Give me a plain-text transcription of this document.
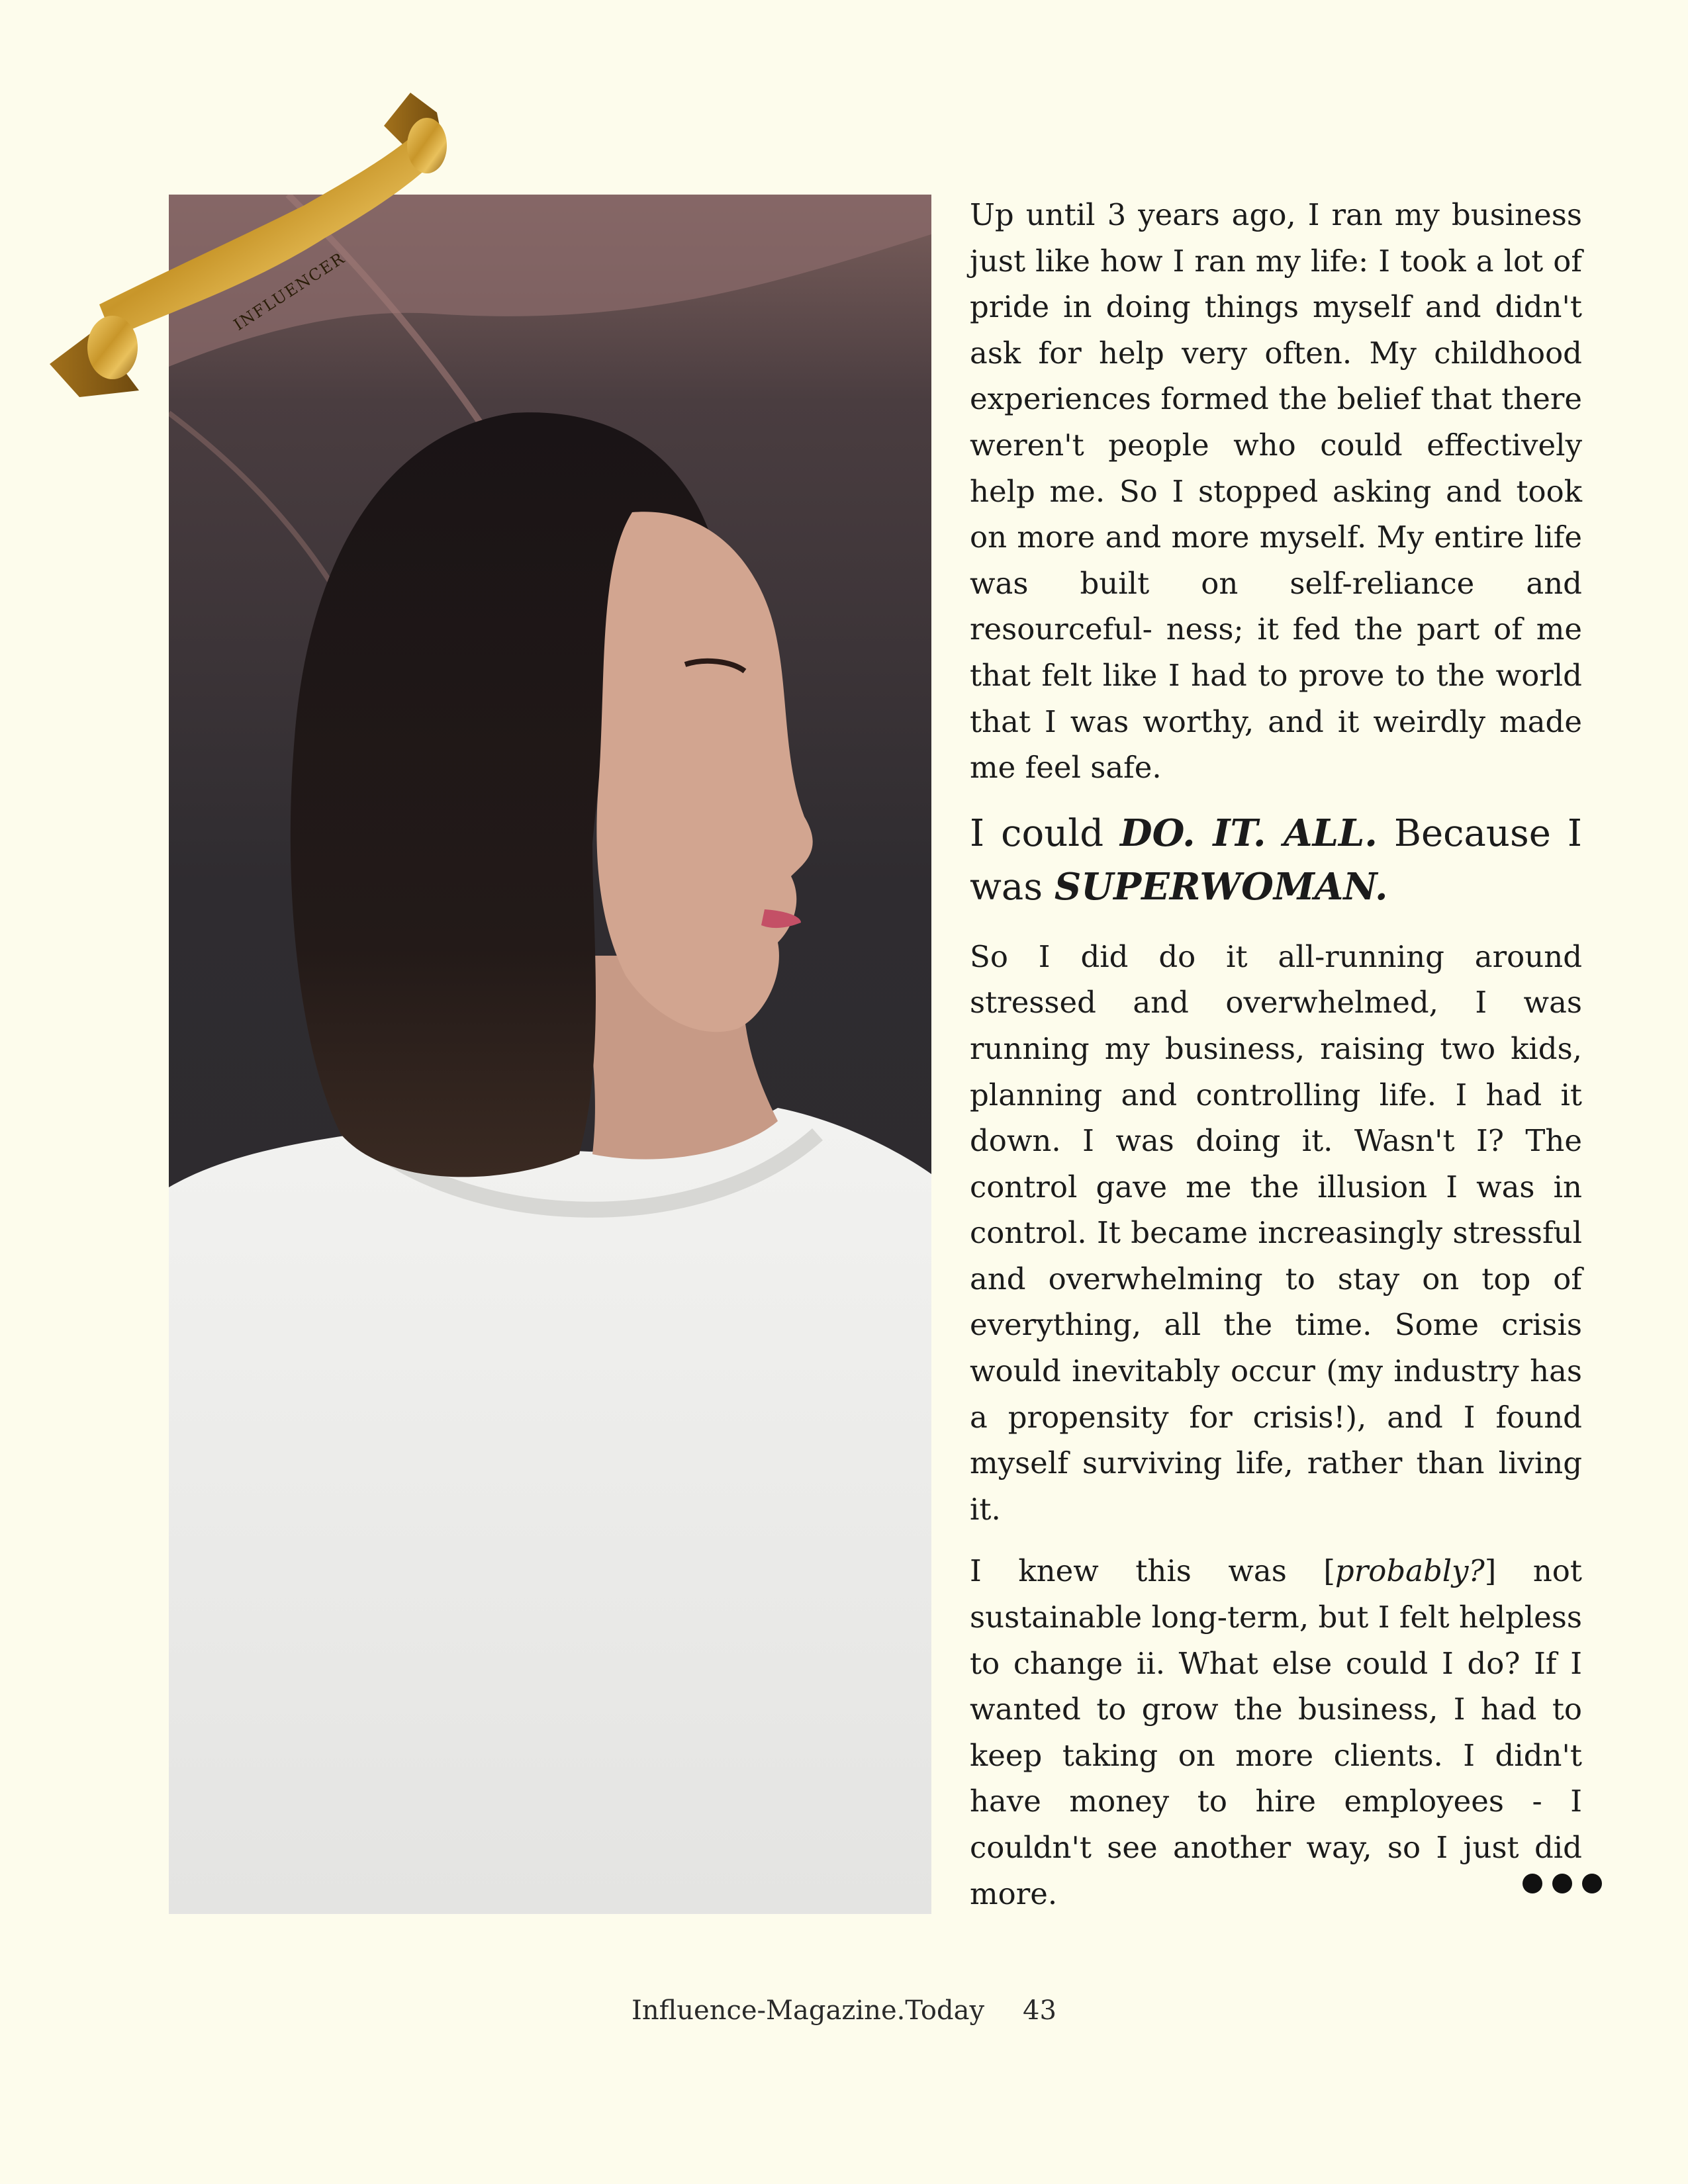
INFLUENCER

Up until 3 years ago, I ran my business just like how I ran my life: I took a lot of pride in doing things myself and didn't ask for help very often. My childhood experiences formed the belief that there weren't people who could effectively help me. So I stopped asking and took on more and more myself. My entire life was built on self-reliance and resourceful- ness; it fed the part of me that felt like I had to prove to the world that I was worthy, and it weirdly made me feel safe.

I could DO. IT. ALL. Because I was SUPERWOMAN.

So I did do it all-running around stressed and overwhelmed, I was running my business, raising two kids, planning and controlling life. I had it down. I was doing it. Wasn't I? The control gave me the illusion I was in control. It became increasingly stressful and overwhelming to stay on top of everything, all the time. Some crisis would inevitably occur (my industry has a propensity for crisis!), and I found myself surviving life, rather than living it.

I knew this was [probably?] not sustainable long-term, but I felt helpless to change ii. What else could I do? If I wanted to grow the business, I had to keep taking on more clients. I didn't have money to hire employees - I couldn't see another way, so I just did more.

Influence-Magazine.Today 43
